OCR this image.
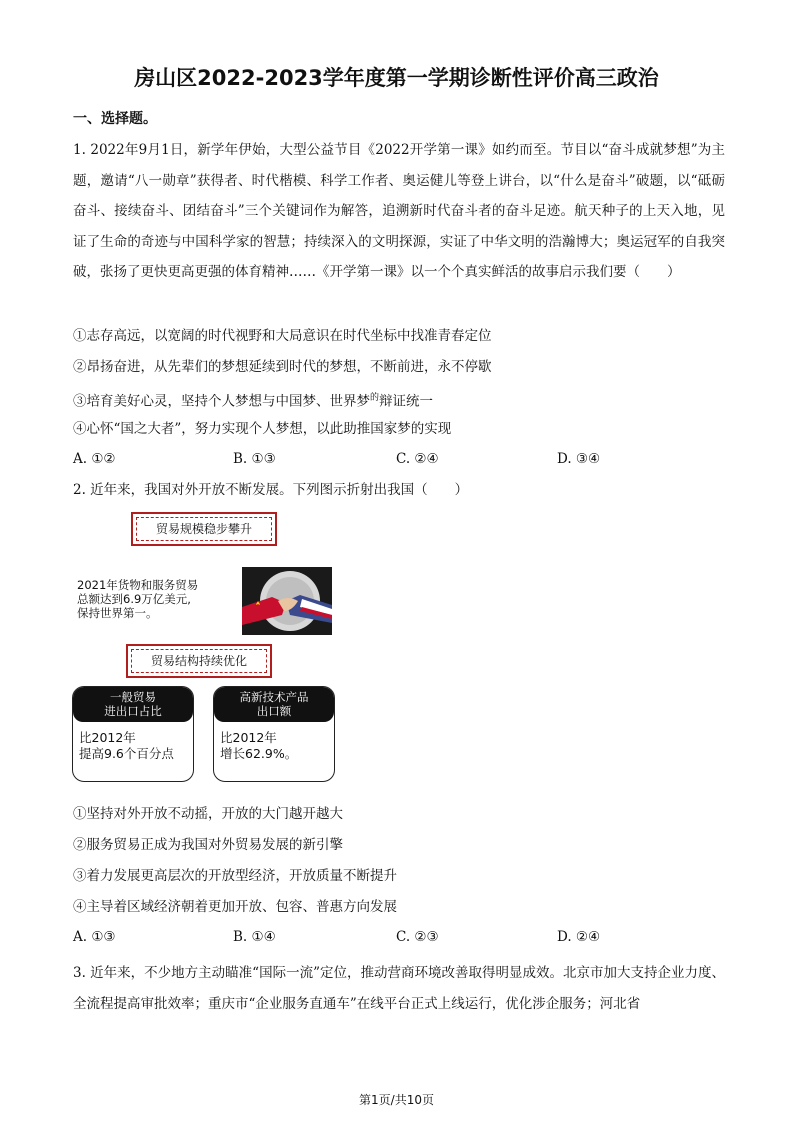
房山区2022-2023学年度第一学期诊断性评价高三政治
一、选择题。
1. 2022年9月1日，新学年伊始，大型公益节目《2022开学第一课》如约而至。节目以“奋斗成就梦想”为主题，邀请“八一勋章”获得者、时代楷模、科学工作者、奥运健儿等登上讲台，以“什么是奋斗”破题，以“砥砺奋斗、接续奋斗、团结奋斗”三个关键词作为解答，追溯新时代奋斗者的奋斗足迹。航天种子的上天入地，见证了生命的奇迹与中国科学家的智慧；持续深入的文明探源，实证了中华文明的浩瀚博大；奥运冠军的自我突破，张扬了更快更高更强的体育精神……《开学第一课》以一个个真实鲜活的故事启示我们要（　　）
①志存高远，以宽阔的时代视野和大局意识在时代坐标中找准青春定位
②昂扬奋进，从先辈们的梦想延续到时代的梦想，不断前进，永不停歇
③培育美好心灵，坚持个人梦想与中国梦、世界梦$^的$辩证统一
④心怀“国之大者”，努力实现个人梦想，以此助推国家梦的实现
A. ①②	B. ①③	C. ②④	D. ③④
2. 近年来，我国对外开放不断发展。下列图示折射出我国（　　）
贸易规模稳步攀升
2021年货物和服务贸易
总额达到6.9万亿美元,
保持世界第一。
贸易结构持续优化
一般贸易
进出口占比
比2012年
提高9.6个百分点
高新技术产品
出口额
比2012年
增长62.9%。
①坚持对外开放不动摇，开放的大门越开越大
②服务贸易正成为我国对外贸易发展的新引擎
③着力发展更高层次的开放型经济，开放质量不断提升
④主导着区域经济朝着更加开放、包容、普惠方向发展
A. ①③	B. ①④	C. ②③	D. ②④
3. 近年来，不少地方主动瞄准“国际一流”定位，推动营商环境改善取得明显成效。北京市加大支持企业力度、全流程提高审批效率；重庆市“企业服务直通车”在线平台正式上线运行，优化涉企服务；河北省
第1页/共10页
